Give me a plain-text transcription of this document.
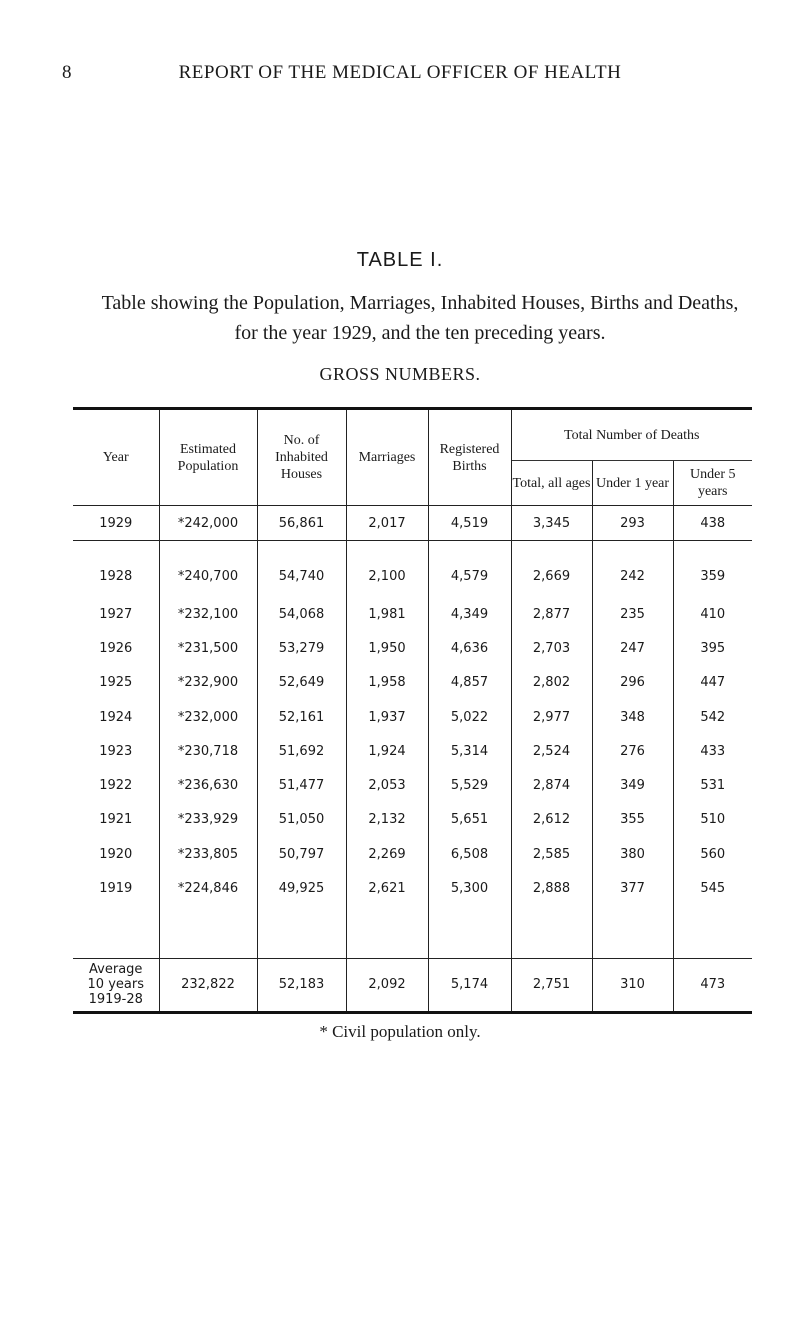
8	REPORT OF THE MEDICAL OFFICER OF HEALTH
TABLE I.
Table showing the Population, Marriages, Inhabited Houses, Births and Deaths, for the year 1929, and the ten preceding years.
GROSS NUMBERS.
Year	Estimated Population	No. of Inhabited Houses	Marriages	Registered Births	Total Number of Deaths		
					Total, all ages	Under 1 year	Under 5 years
1929	*242,000	56,861	2,017	4,519	3,345	293	438
1928	*240,700	54,740	2,100	4,579	2,669	242	359
1927	*232,100	54,068	1,981	4,349	2,877	235	410
1926	*231,500	53,279	1,950	4,636	2,703	247	395
1925	*232,900	52,649	1,958	4,857	2,802	296	447
1924	*232,000	52,161	1,937	5,022	2,977	348	542
1923	*230,718	51,692	1,924	5,314	2,524	276	433
1922	*236,630	51,477	2,053	5,529	2,874	349	531
1921	*233,929	51,050	2,132	5,651	2,612	355	510
1920	*233,805	50,797	2,269	6,508	2,585	380	560
1919	*224,846	49,925	2,621	5,300	2,888	377	545

Average
10 years
1919-28	232,822	52,183	2,092	5,174	2,751	310	473
* Civil population only.
